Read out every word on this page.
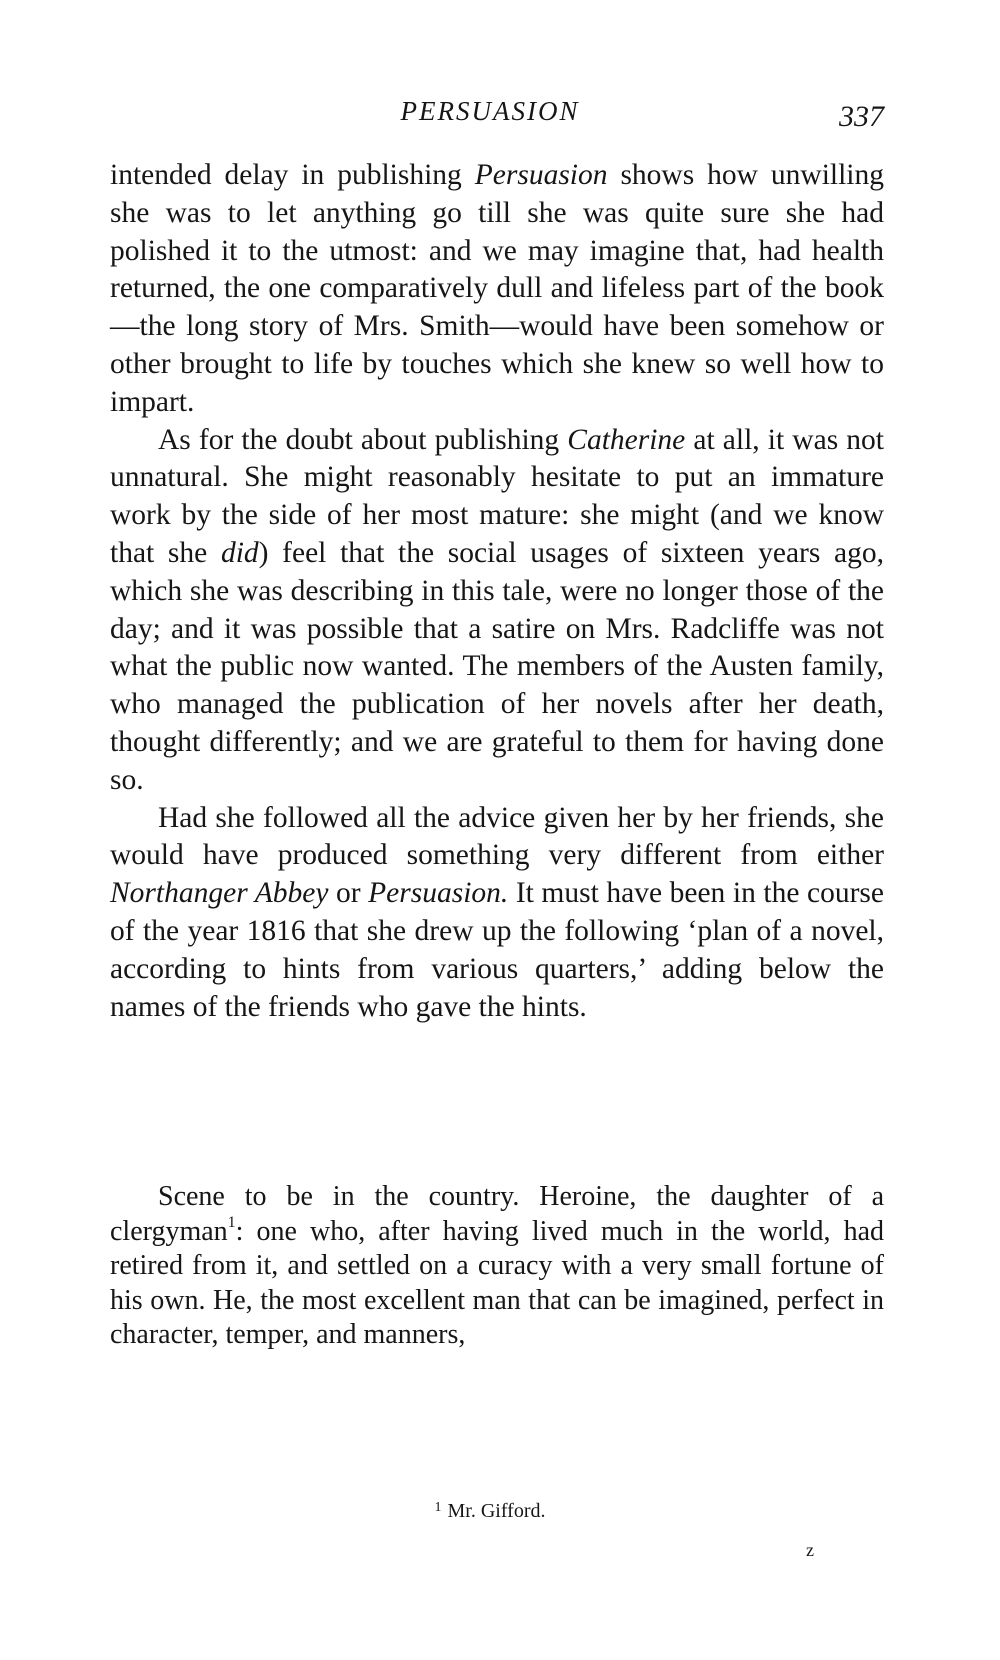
PERSUASION	337

intended delay in publishing Persuasion shows how unwilling she was to let anything go till she was quite sure she had polished it to the utmost: and we may imagine that, had health returned, the one comparatively dull and lifeless part of the book—the long story of Mrs. Smith—would have been somehow or other brought to life by touches which she knew so well how to impart.

As for the doubt about publishing Catherine at all, it was not unnatural. She might reasonably hesitate to put an immature work by the side of her most mature: she might (and we know that she did) feel that the social usages of sixteen years ago, which she was describing in this tale, were no longer those of the day; and it was possible that a satire on Mrs. Radcliffe was not what the public now wanted. The members of the Austen family, who managed the publication of her novels after her death, thought differently; and we are grateful to them for having done so.

Had she followed all the advice given her by her friends, she would have produced something very different from either Northanger Abbey or Persuasion. It must have been in the course of the year 1816 that she drew up the following ‘plan of a novel, according to hints from various quarters,’ adding below the names of the friends who gave the hints.

Scene to be in the country. Heroine, the daughter of a clergyman$^1$: one who, after having lived much in the world, had retired from it, and settled on a curacy with a very small fortune of his own. He, the most excellent man that can be imagined, perfect in character, temper, and manners,

$^1$ Mr. Gifford.
z
